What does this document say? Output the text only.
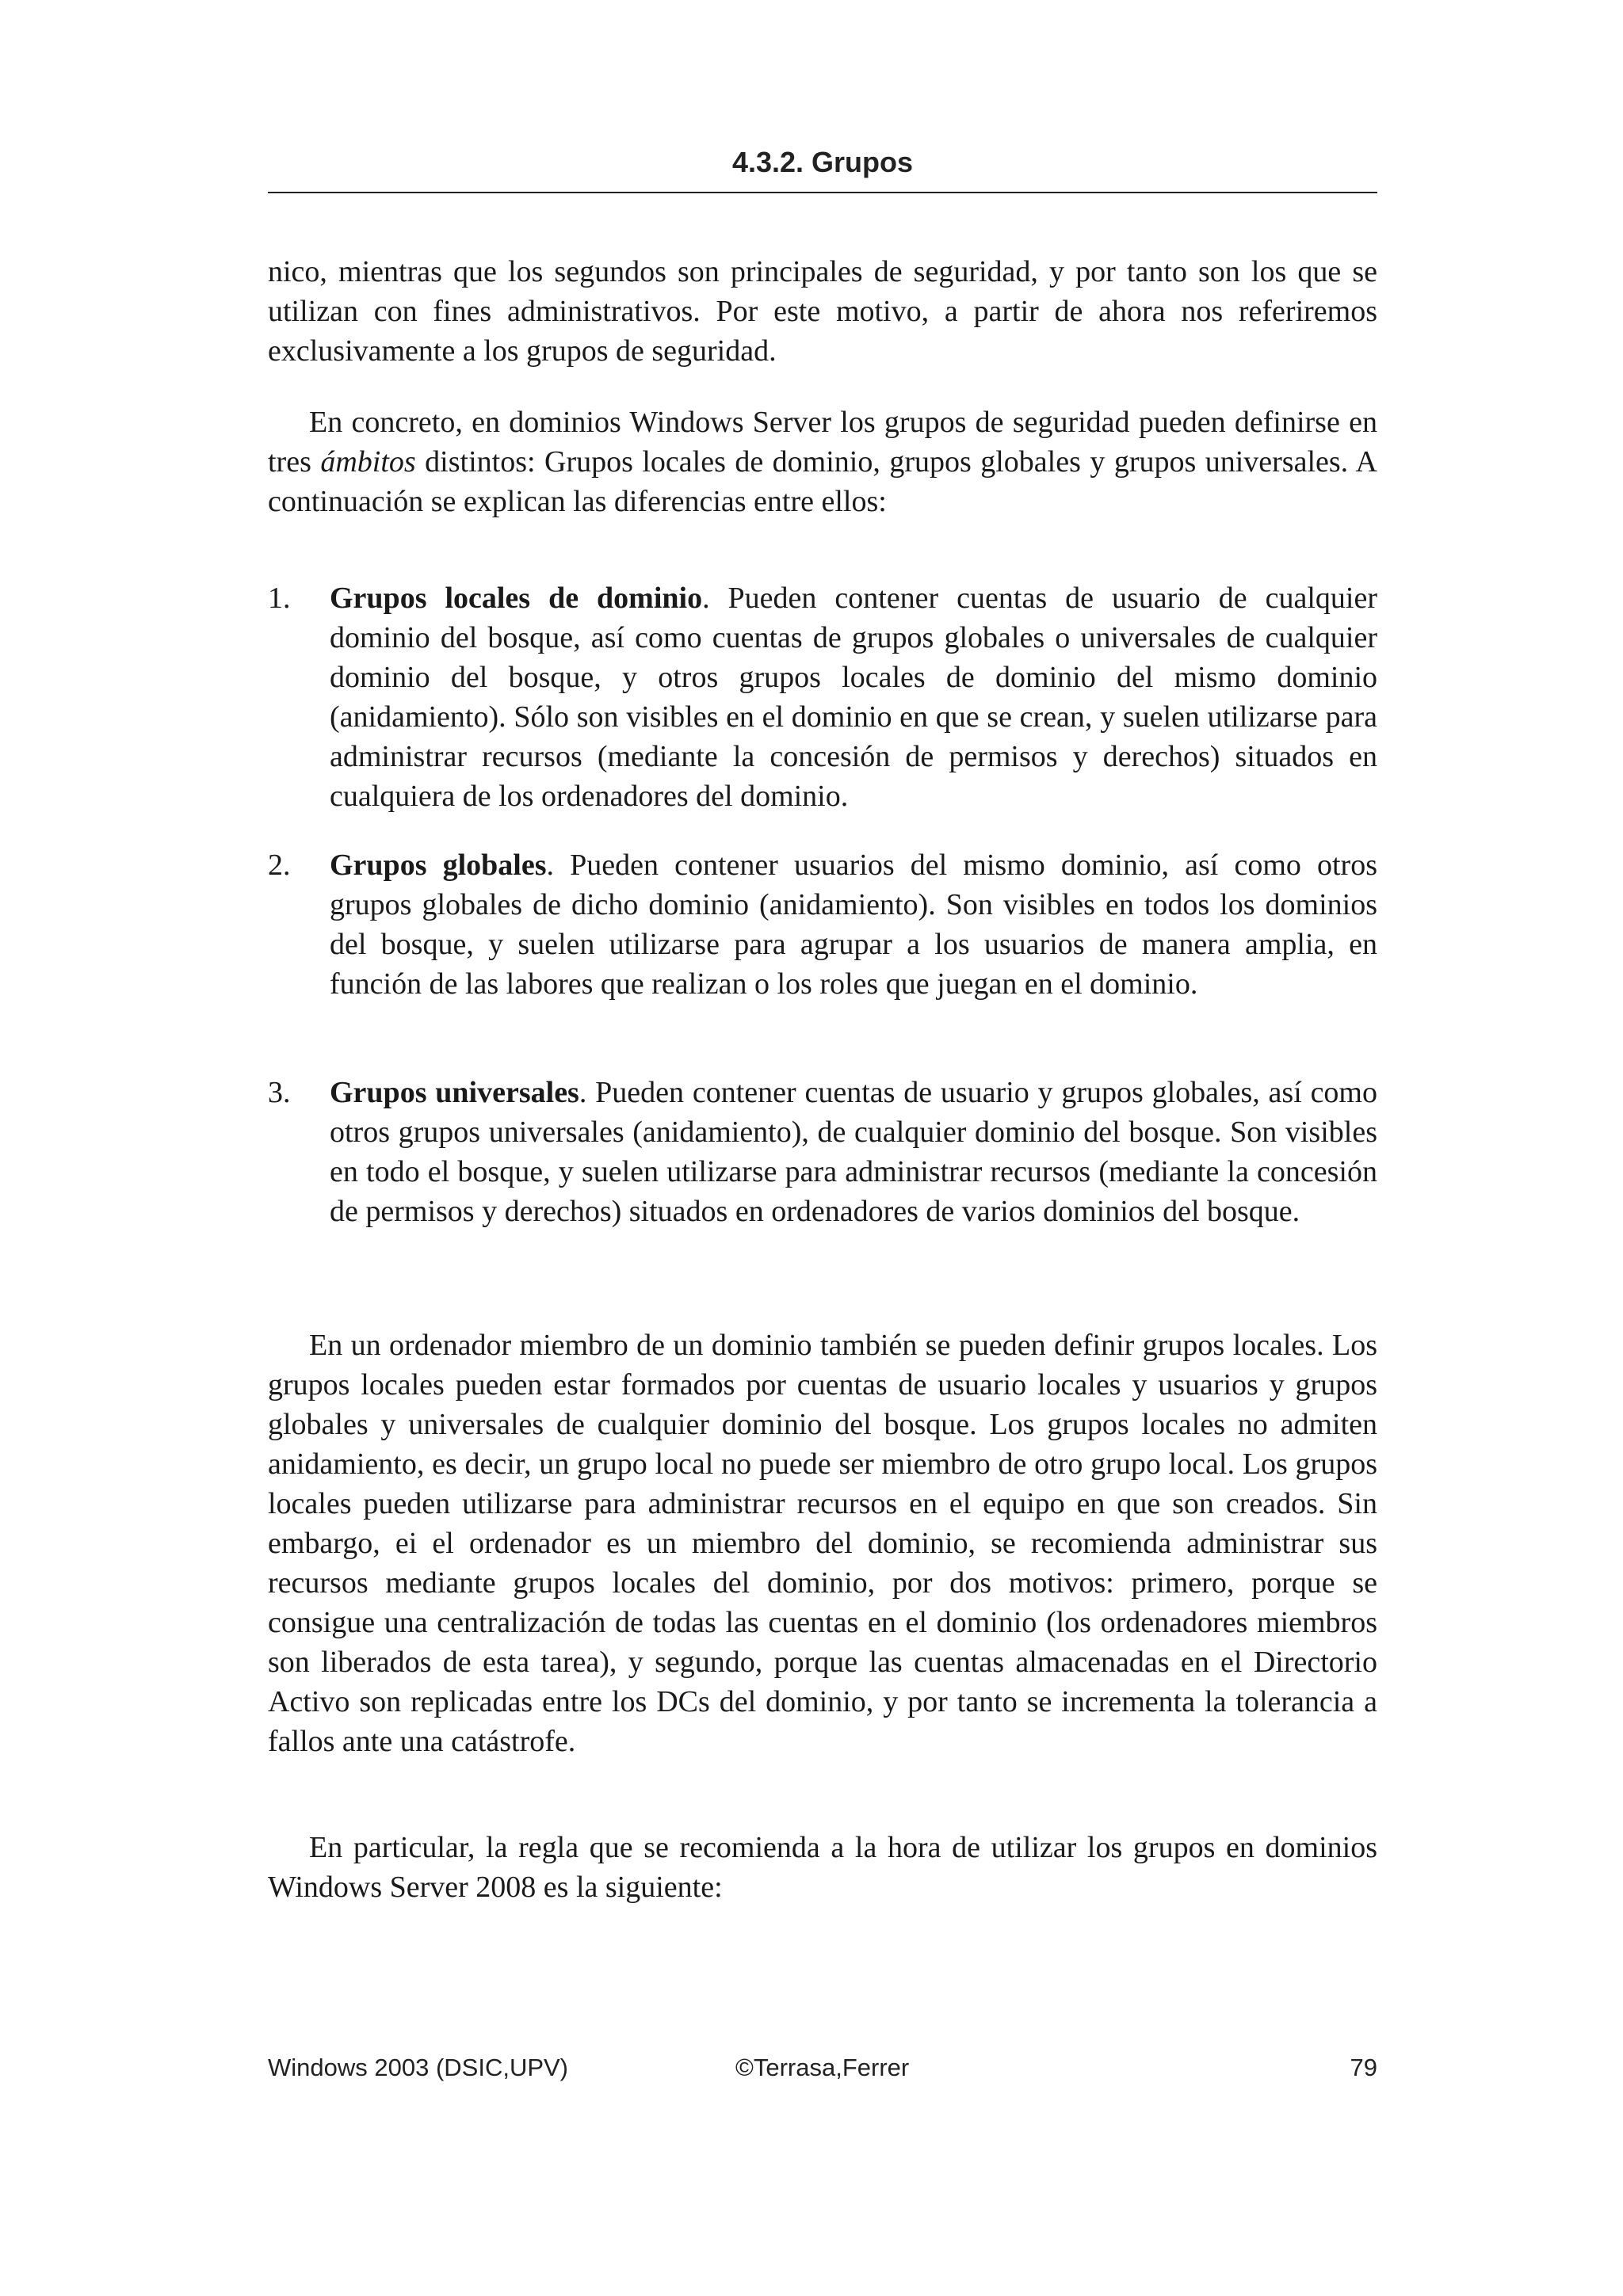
4.3.2. Grupos

nico, mientras que los segundos son principales de seguridad, y por tanto son los que se utilizan con fines administrativos. Por este motivo, a partir de ahora nos referiremos exclusivamente a los grupos de seguridad.

En concreto, en dominios Windows Server los grupos de seguridad pueden definirse en tres ámbitos distintos: Grupos locales de dominio, grupos globales y grupos universales. A continuación se explican las diferencias entre ellos:

1.	Grupos locales de dominio. Pueden contener cuentas de usuario de cualquier dominio del bosque, así como cuentas de grupos globales o universales de cualquier dominio del bosque, y otros grupos locales de dominio del mismo dominio (anidamiento). Sólo son visibles en el dominio en que se crean, y suelen utilizarse para administrar recursos (mediante la concesión de permisos y derechos) situados en cualquiera de los ordenadores del dominio.
2.	Grupos globales. Pueden contener usuarios del mismo dominio, así como otros grupos globales de dicho dominio (anidamiento). Son visibles en todos los dominios del bosque, y suelen utilizarse para agrupar a los usuarios de manera amplia, en función de las labores que realizan o los roles que juegan en el dominio.
3.	Grupos universales. Pueden contener cuentas de usuario y grupos globales, así como otros grupos universales (anidamiento), de cualquier dominio del bosque. Son visibles en todo el bosque, y suelen utilizarse para administrar recursos (mediante la concesión de permisos y derechos) situados en ordenadores de varios dominios del bosque.

En un ordenador miembro de un dominio también se pueden definir grupos locales. Los grupos locales pueden estar formados por cuentas de usuario locales y usuarios y grupos globales y universales de cualquier dominio del bosque. Los grupos locales no admiten anidamiento, es decir, un grupo local no puede ser miembro de otro grupo local. Los grupos locales pueden utilizarse para administrar recursos en el equipo en que son creados. Sin embargo, ei el ordenador es un miembro del dominio, se recomienda administrar sus recursos mediante grupos locales del dominio, por dos motivos: primero, porque se consigue una centralización de todas las cuentas en el dominio (los ordenadores miembros son liberados de esta tarea), y segundo, porque las cuentas almacenadas en el Directorio Activo son replicadas entre los DCs del dominio, y por tanto se incrementa la tolerancia a fallos ante una catástrofe.

En particular, la regla que se recomienda a la hora de utilizar los grupos en dominios Windows Server 2008 es la siguiente:

Windows 2003 (DSIC,UPV)	©Terrasa,Ferrer	79
